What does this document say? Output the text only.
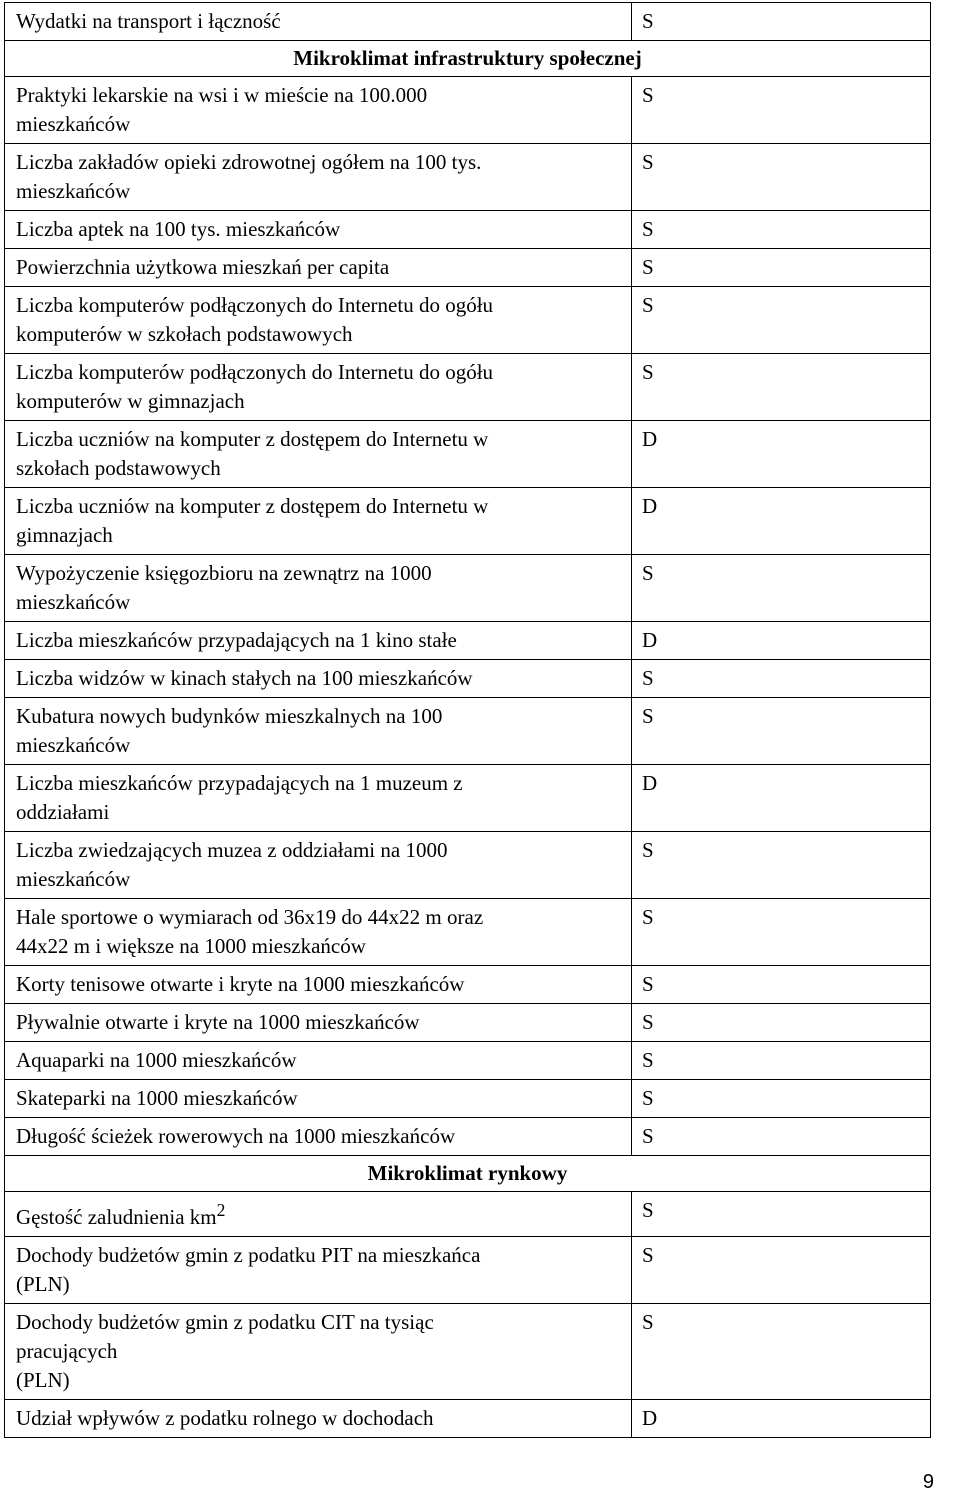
Wydatki na transport i łączność	S
Mikroklimat infrastruktury społecznej	
Praktyki lekarskie na wsi i w mieście na 100.000
mieszkańców	S
Liczba zakładów opieki zdrowotnej ogółem na 100 tys.
mieszkańców	S
Liczba aptek na 100 tys. mieszkańców	S
Powierzchnia użytkowa mieszkań per capita	S
Liczba komputerów podłączonych do Internetu do ogółu
komputerów w szkołach podstawowych	S
Liczba komputerów podłączonych do Internetu do ogółu
komputerów w gimnazjach	S
Liczba uczniów na komputer z dostępem do Internetu w
szkołach podstawowych	D
Liczba uczniów na komputer z dostępem do Internetu w
gimnazjach	D
Wypożyczenie księgozbioru na zewnątrz na 1000
mieszkańców	S
Liczba mieszkańców przypadających na 1 kino stałe	D
Liczba widzów w kinach stałych na 100 mieszkańców	S
Kubatura nowych budynków mieszkalnych na 100
mieszkańców	S
Liczba mieszkańców przypadających na 1 muzeum z
oddziałami	D
Liczba zwiedzających muzea z oddziałami na 1000
mieszkańców	S
Hale sportowe o wymiarach od 36x19 do 44x22 m oraz
44x22 m i większe na 1000 mieszkańców	S
Korty tenisowe otwarte i kryte na 1000 mieszkańców	S
Pływalnie otwarte i kryte na 1000 mieszkańców	S
Aquaparki na 1000 mieszkańców	S
Skateparki na 1000 mieszkańców	S
Długość ścieżek rowerowych na 1000 mieszkańców	S
Mikroklimat rynkowy	
Gęstość zaludnienia $km^2$	S
Dochody budżetów gmin z podatku PIT na mieszkańca
(PLN)	S
Dochody budżetów gmin z podatku CIT na tysiąc
pracujących
(PLN)	S
Udział wpływów z podatku rolnego w dochodach	D
9
